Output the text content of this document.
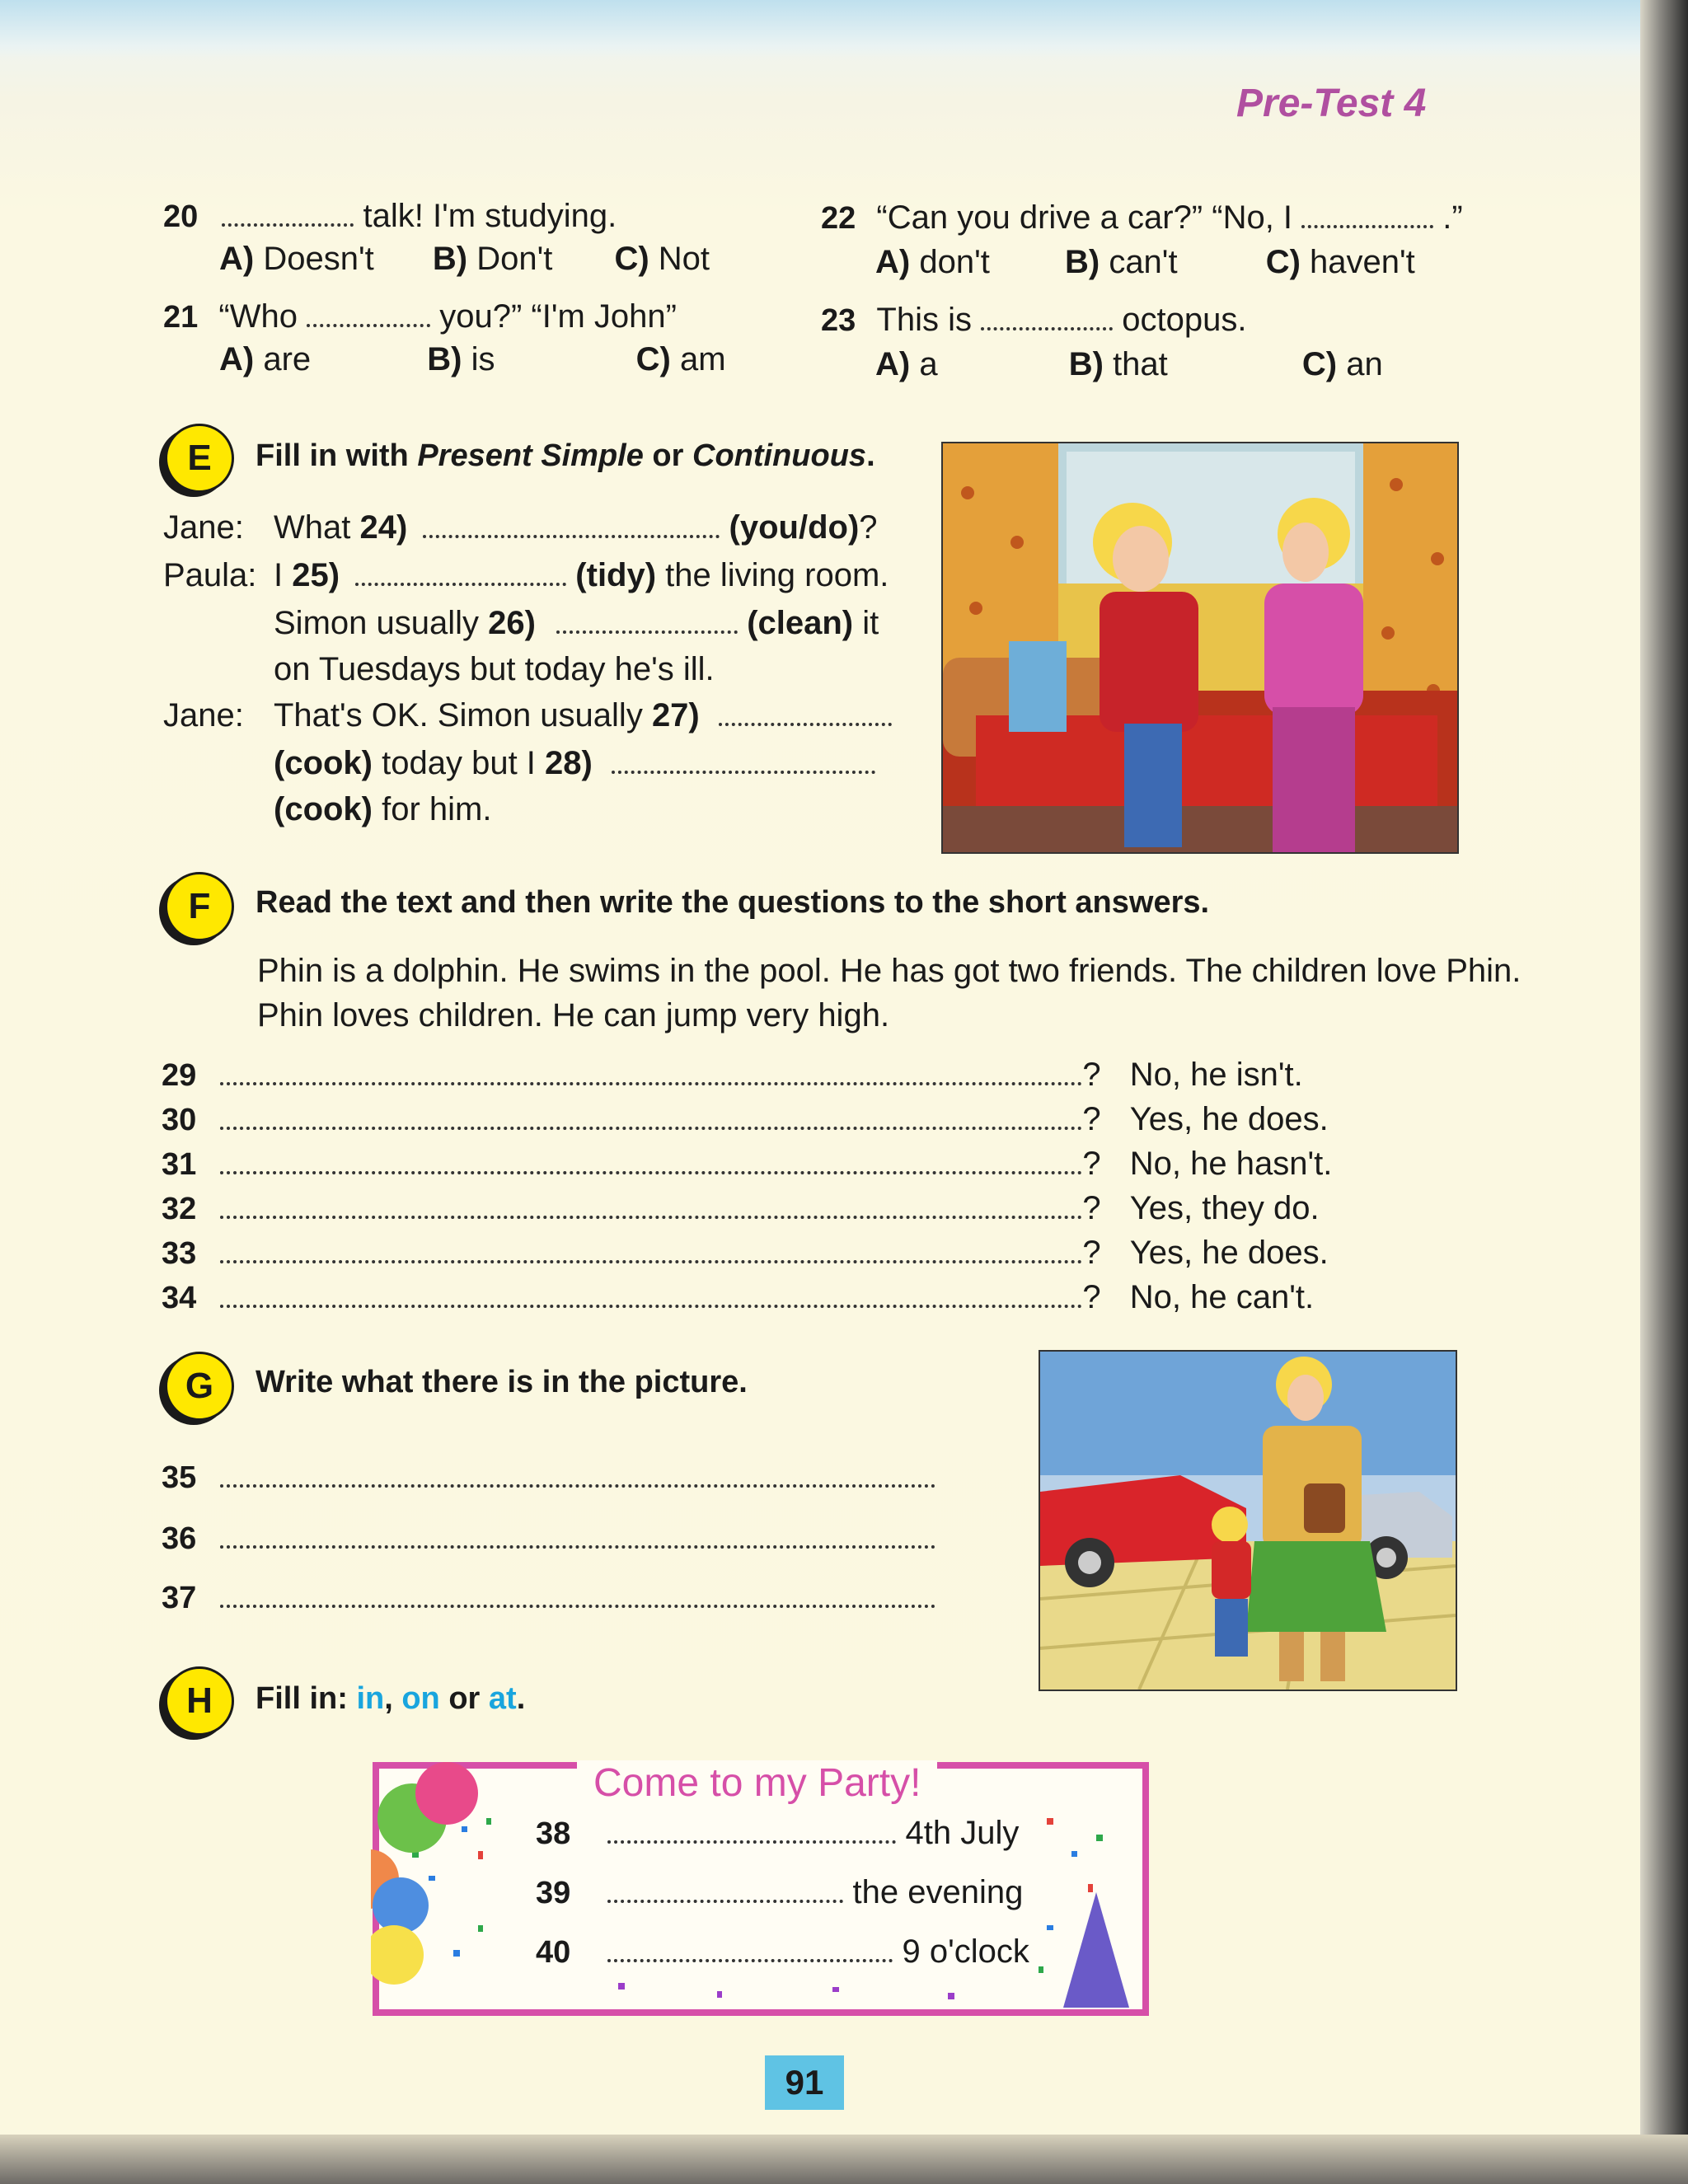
Pre-Test 4
20	talk! I'm studying.
A) Doesn't B) Don't C) Not
21 “Who	you?” “I'm John”
A) are	B) is	C) am
22 “Can you drive a car?” “No, I	.”
A) don't B) can't	C) haven't
23 This is	octopus.
A) a	B) that	C) an
E	Fill in with Present Simple or Continuous.
Jane: What 24)	(you/do)?
Paula: I 25)	(tidy) the living room.
Simon usually 26)	(clean) it
on Tuesdays but today he's ill.
Jane: That's OK. Simon usually 27)
(cook) today but I 28)
(cook) for him.
F	Read the text and then write the questions to the short answers.
Phin is a dolphin. He swims in the pool. He has got two friends. The children love Phin.
Phin loves children. He can jump very high.
29	? No, he isn't.
30	? Yes, he does.
31	? No, he hasn't.
32	? Yes, they do.
33	? Yes, he does.
34	? No, he can't.
G	Write what there is in the picture.
35
36
37
H	Fill in: in, on or at.
Come to my Party!
38	4th July
39	the evening
40	9 o'clock
91
